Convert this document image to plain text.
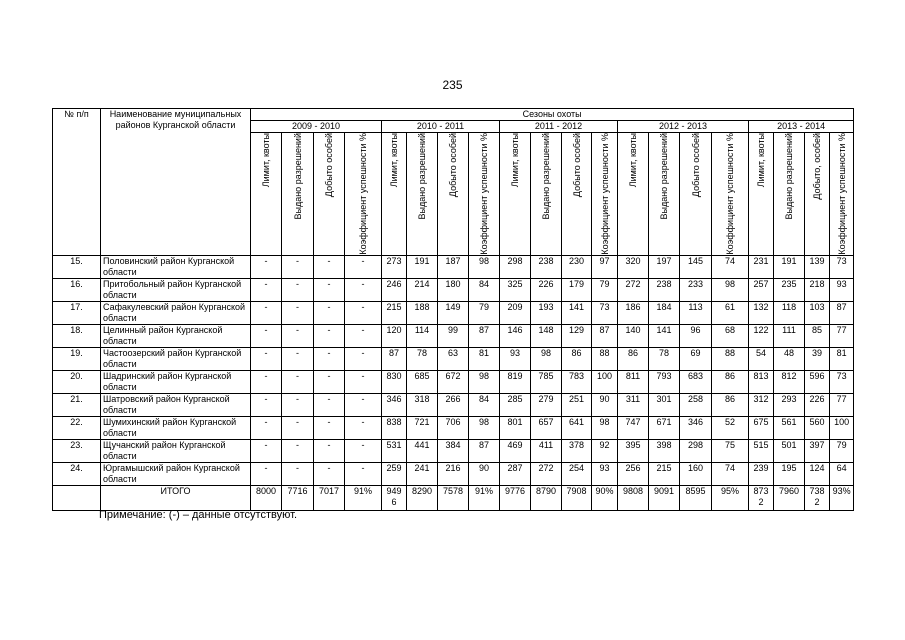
235
№ п/п	Наименование муниципальных районов Курганской области	Сезоны охоты																			
		2009 - 2010				2010 - 2011				2011 - 2012				2012 - 2013				2013 - 2014			

		Лимит, квоты	Выдано разрешений	Добыто особей	Коэффициент успешности %	Лимит, квоты	Выдано разрешений	Добыто особей	Коэффициент успешности %	Лимит, квоты	Выдано разрешений	Добыто особей	Коэффициент успешности %	Лимит, квоты	Выдано разрешений	Добыто особей	Коэффициент успешности %	Лимит, квоты	Выдано разрешений	Добыто, особей	Коэффициент успешности %

15.	Половинский район Курганской области	-	-	-	-	273	191	187	98	298	238	230	97	320	197	145	74	231	191	139	73
16.	Притобольный район Курганской области	-	-	-	-	246	214	180	84	325	226	179	79	272	238	233	98	257	235	218	93
17.	Сафакулевский район Курганской области	-	-	-	-	215	188	149	79	209	193	141	73	186	184	113	61	132	118	103	87
18.	Целинный район Курганской области	-	-	-	-	120	114	99	87	146	148	129	87	140	141	96	68	122	111	85	77
19.	Частоозерский район Курганской области	-	-	-	-	87	78	63	81	93	98	86	88	86	78	69	88	54	48	39	81
20.	Шадринский район Курганской области	-	-	-	-	830	685	672	98	819	785	783	100	811	793	683	86	813	812	596	73
21.	Шатровский район Курганской области	-	-	-	-	346	318	266	84	285	279	251	90	311	301	258	86	312	293	226	77
22.	Шумихинский район Курганской области	-	-	-	-	838	721	706	98	801	657	641	98	747	671	346	52	675	561	560	100
23.	Щучанский район Курганской области	-	-	-	-	531	441	384	87	469	411	378	92	395	398	298	75	515	501	397	79
24.	Юргамышский район Курганской области	-	-	-	-	259	241	216	90	287	272	254	93	256	215	160	74	239	195	124	64
	ИТОГО	8000	7716	7017	91%	9496	8290	7578	91%	9776	8790	7908	90%	9808	9091	8595	95%	8732	7960	7382	93%
Примечание: (-) – данные отсутствуют.
